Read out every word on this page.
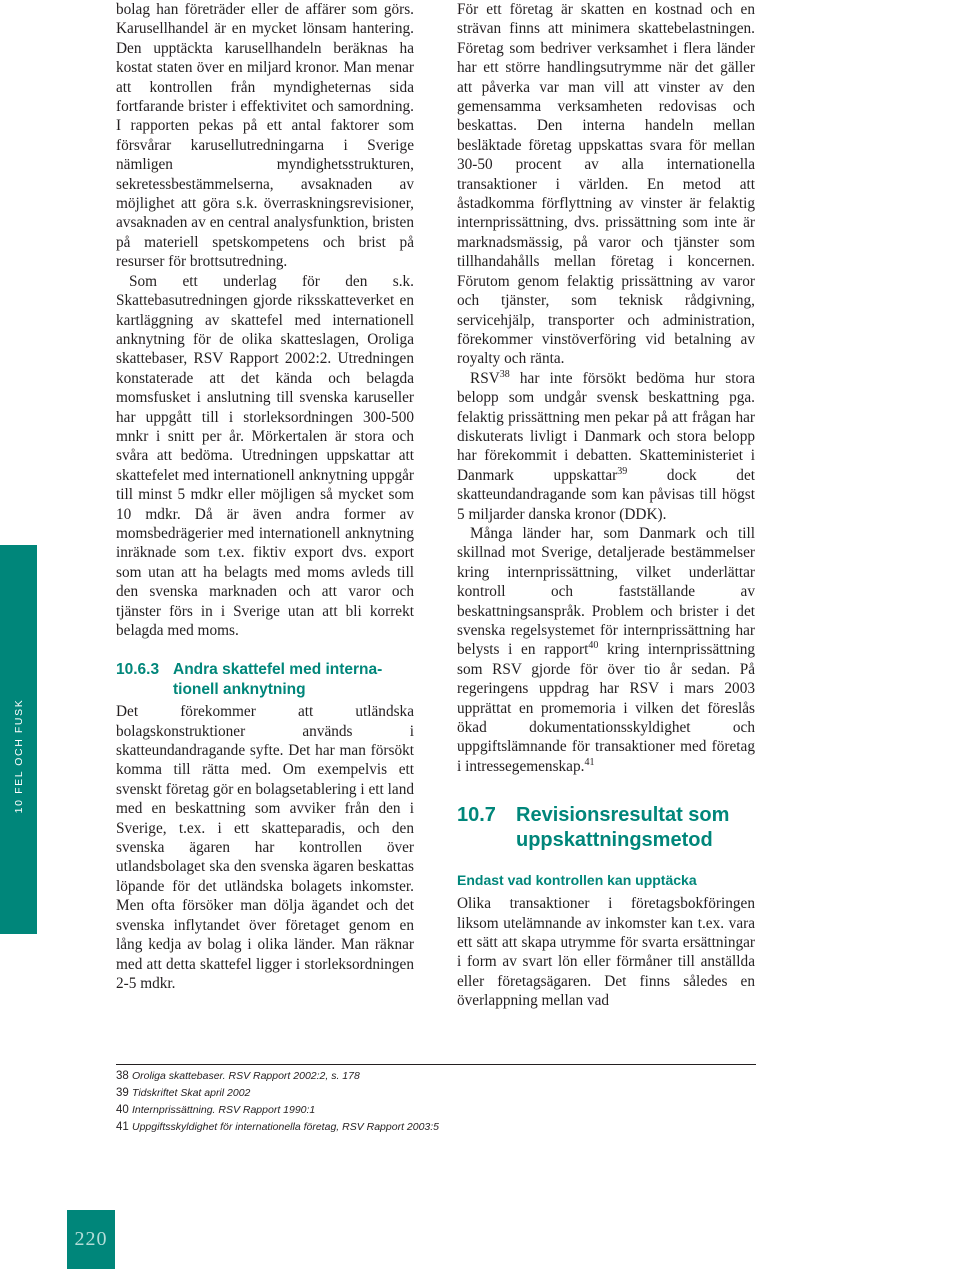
10 FEL OCH FUSK

bolag han företräder eller de affärer som görs. Karusellhandel är en mycket lönsam hantering. Den upptäckta karusellhandeln beräknas ha kostat staten över en miljard kronor. Man menar att kontrollen från myndigheternas sida fortfarande brister i effektivitet och samordning. I rapporten pekas på ett antal faktorer som försvårar karusellutredningarna i Sverige nämligen myndighetsstrukturen, sekretessbestämmelserna, avsaknaden av möjlighet att göra s.k. överraskningsrevisioner, avsaknaden av en central analysfunktion, bristen på materiell spetskompetens och brist på resurser för brottsutredning.

Som ett underlag för den s.k. Skattebasutredningen gjorde riksskatteverket en kartläggning av skattefel med internationell anknytning för de olika skatteslagen, Oroliga skattebaser, RSV Rapport 2002:2. Utredningen konstaterade att det kända och belagda momsfusket i anslutning till svenska karuseller har uppgått till i storleksordningen 300-500 mnkr i snitt per år. Mörkertalen är stora och svåra att bedöma. Utredningen uppskattar att skattefelet med internationell anknytning uppgår till minst 5 mdkr eller möjligen så mycket som 10 mdkr. Då är även andra former av momsbedrägerier med internationell anknytning inräknade som t.ex. fiktiv export dvs. export som utan att ha belagts med moms avleds till den svenska marknaden och att varor och tjänster förs in i Sverige utan att bli korrekt belagda med moms.

10.6.3 Andra skattefel med interna-
tionell anknytning

Det förekommer att utländska bolagskonstruktioner används i skatteundandragande syfte. Det har man försökt komma till rätta med. Om exempelvis ett svenskt företag gör en bolagsetablering i ett land med en beskattning som avviker från den i Sverige, t.ex. i ett skatteparadis, och den svenska ägaren har kontrollen över utlandsbolaget ska den svenska ägaren beskattas löpande för det utländska bolagets inkomster. Men ofta försöker man dölja ägandet och det svenska inflytandet över företaget genom en lång kedja av bolag i olika länder. Man räknar med att detta skattefel ligger i storleksordningen 2-5 mdkr.

För ett företag är skatten en kostnad och en strävan finns att minimera skattebelastningen. Företag som bedriver verksamhet i flera länder har ett större handlingsutrymme när det gäller att påverka var man vill att vinster av den gemensamma verksamheten redovisas och beskattas. Den interna handeln mellan besläktade företag uppskattas svara för mellan 30-50 procent av alla internationella transaktioner i världen. En metod att åstadkomma förflyttning av vinster är felaktig internprissättning, dvs. prissättning som inte är marknadsmässig, på varor och tjänster som tillhandahålls mellan företag i koncernen. Förutom genom felaktig prissättning av varor och tjänster, som teknisk rådgivning, servicehjälp, transporter och administration, förekommer vinstöverföring vid betalning av royalty och ränta.

RSV$^{38}$ har inte försökt bedöma hur stora belopp som undgår svensk beskattning pga. felaktig prissättning men pekar på att frågan har diskuterats livligt i Danmark och stora belopp har förekommit i debatten. Skatteministeriet i Danmark uppskattar$^{39}$ dock det skatteundandragande som kan påvisas till högst 5 miljarder danska kronor (DDK).

Många länder har, som Danmark och till skillnad mot Sverige, detaljerade bestämmelser kring internprissättning, vilket underlättar kontroll och fastställande av beskattningsanspråk. Problem och brister i det svenska regelsystemet för internprissättning har belysts i en rapport$^{40}$ kring internprissättning som RSV gjorde för över tio år sedan. På regeringens uppdrag har RSV i mars 2003 upprättat en promemoria i vilken det föreslås ökad dokumentationsskyldighet och uppgiftslämnande för transaktioner med företag i intressegemenskap.$^{41}$

10.7	Revisionsresultat som
uppskattningsmetod
Endast vad kontrollen kan upptäcka

Olika transaktioner i företagsbokföringen liksom utelämnande av inkomster kan t.ex. vara ett sätt att skapa utrymme för svarta ersättningar i form av svart lön eller förmåner till anställda eller företagsägaren. Det finns således en överlappning mellan vad

38 Oroliga skattebaser. RSV Rapport 2002:2, s. 178
39 Tidskriftet Skat april 2002
40 Internprissättning. RSV Rapport 1990:1
41 Uppgiftsskyldighet för internationella företag, RSV Rapport 2003:5
220
